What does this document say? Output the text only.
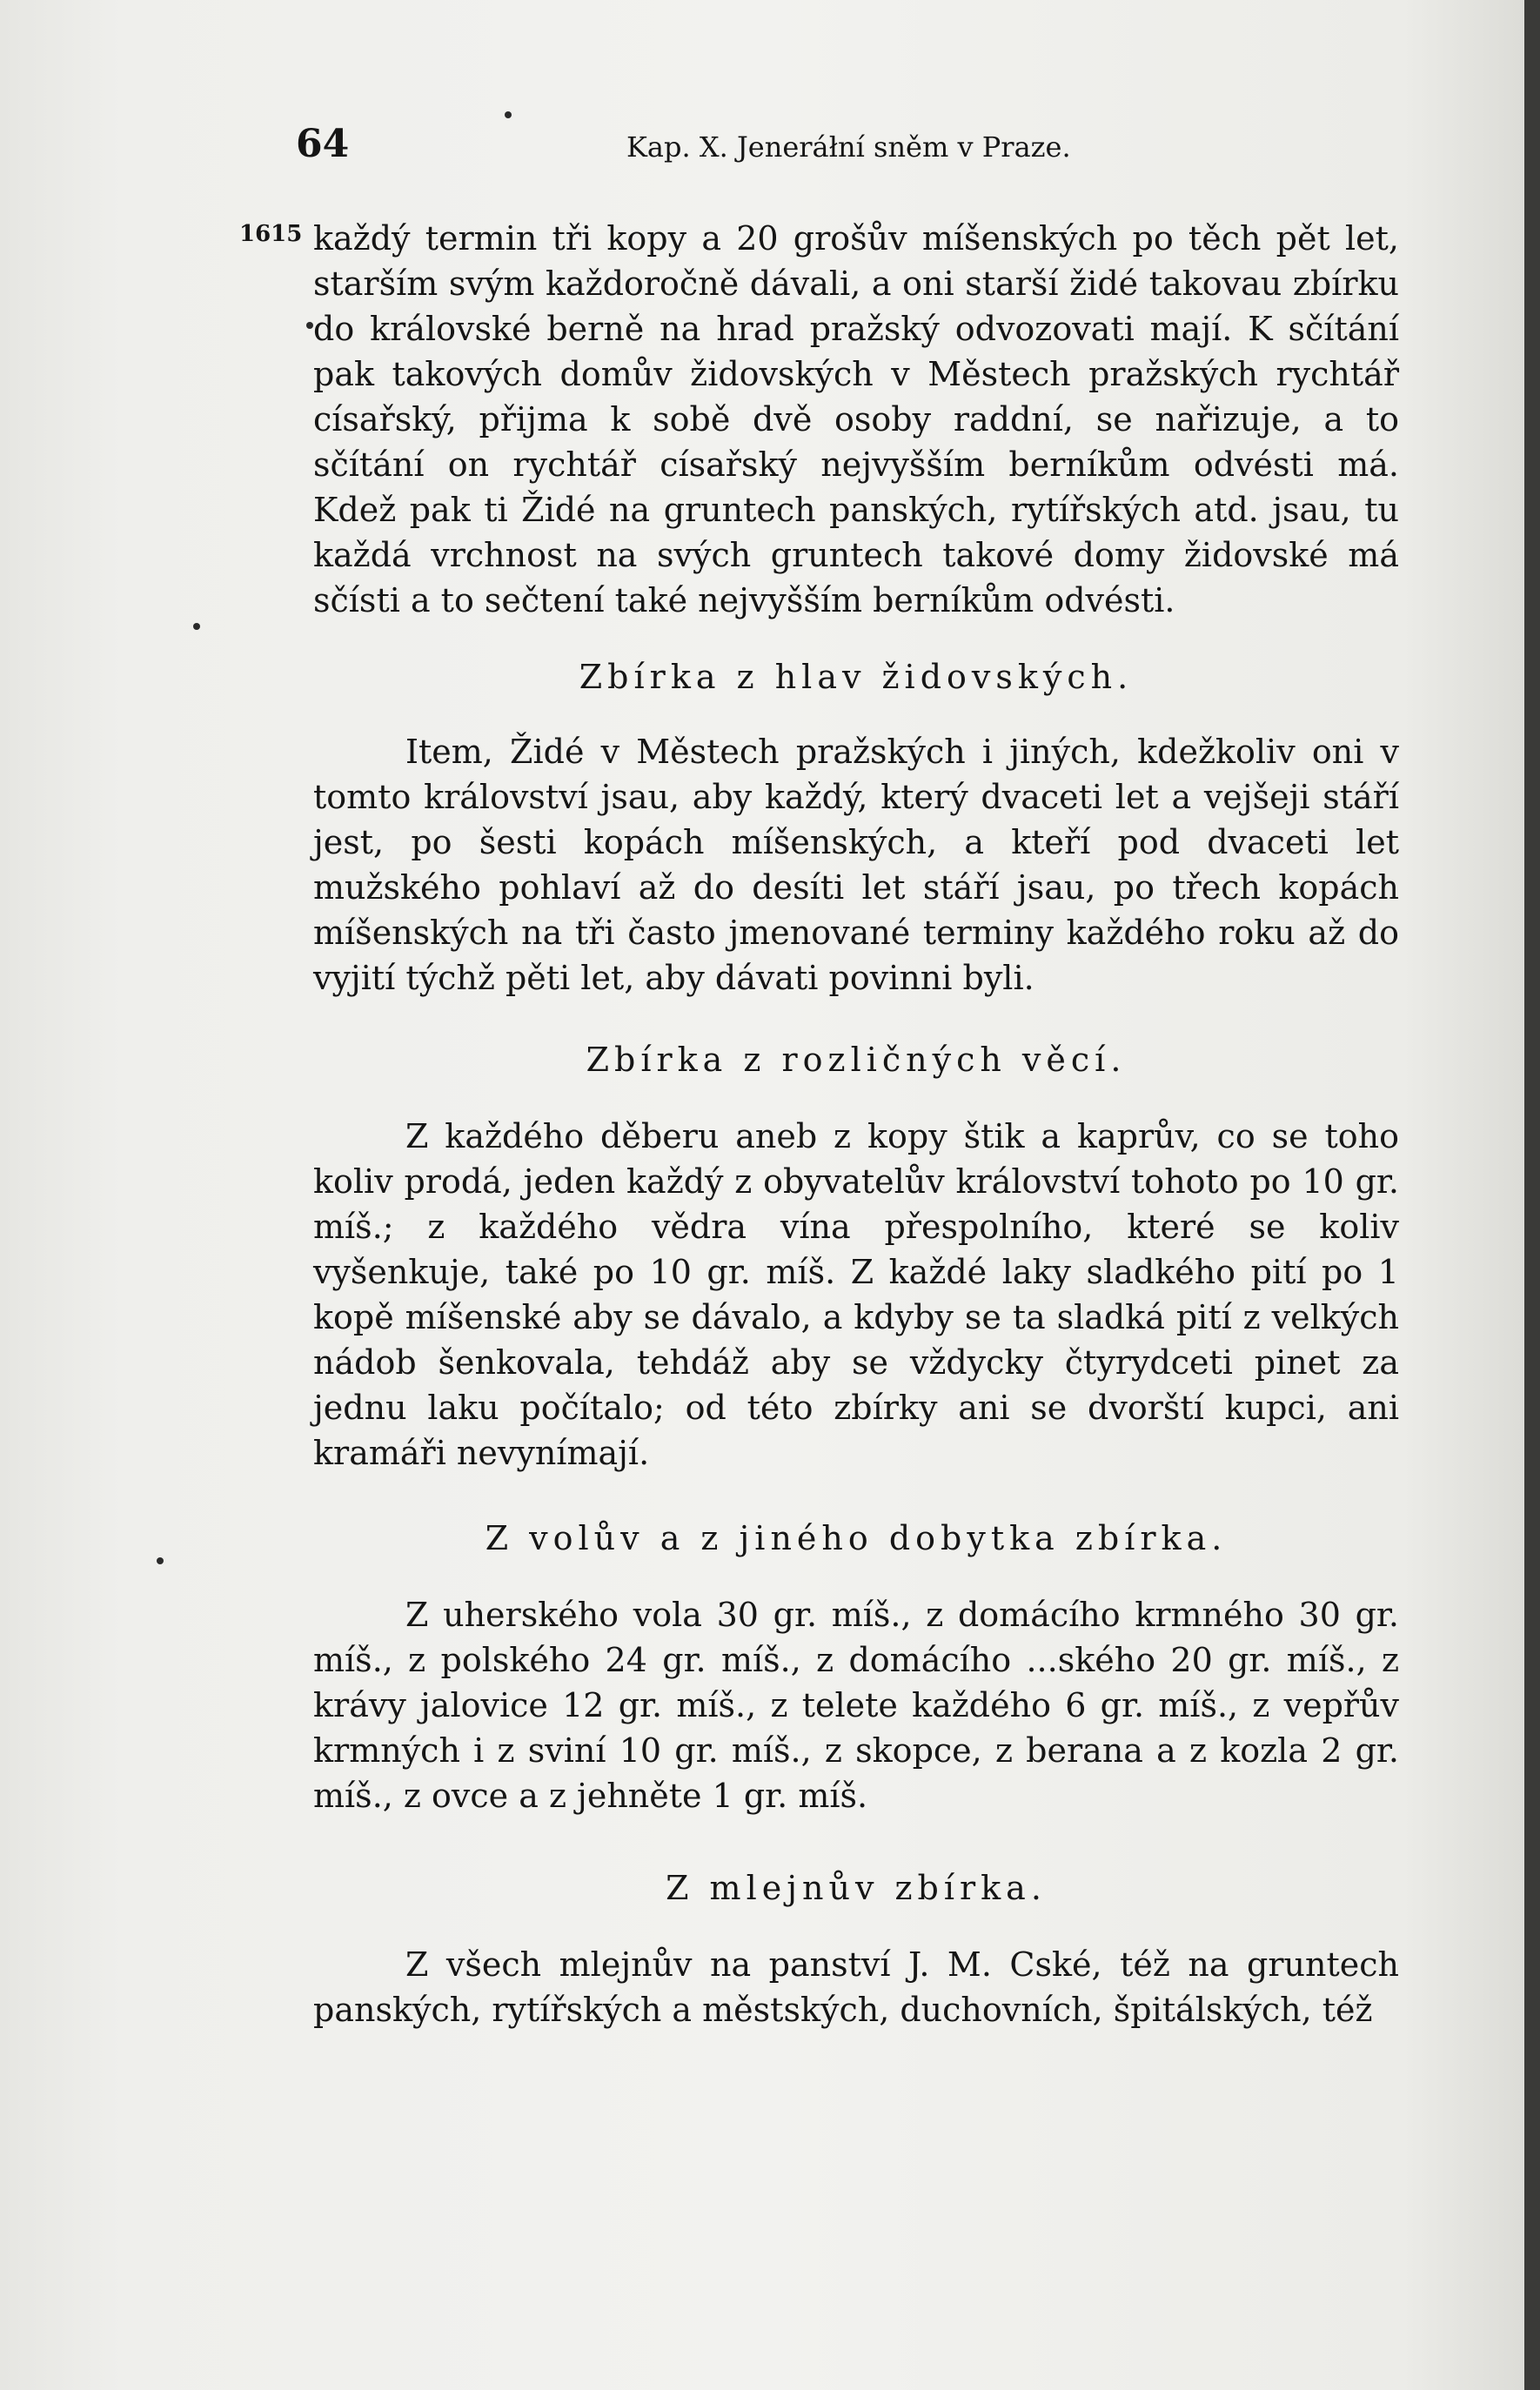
64	Kap. X. Jeneráłní sněm v Praze.
1615 každý termin tři kopy a 20 grošův míšenských po těch pět let, starším svým každoročně dávali, a oni starší židé takovau zbírku do královské berně na hrad pražský odvozovati mají. K sčítání pak takových domův židovských v Městech pražských rychtář císařský, přijma k sobě dvě osoby raddní, se nařizuje, a to sčítání on rychtář císařský nejvyšším berníkům odvésti má. Kdež pak ti Židé na gruntech panských, rytířských atd. jsau, tu každá vrchnost na svých gruntech takové domy židovské má sčísti a to sečtení také nejvyšším berníkům odvésti.

Zbírka z hlav židovských.

Item, Židé v Městech pražských i jiných, kdežkoliv oni v tomto království jsau, aby každý, který dvaceti let a vejšeji stáří jest, po šesti kopách míšenských, a kteří pod dvaceti let mužského pohlaví až do desíti let stáří jsau, po třech kopách míšenských na tři často jmenované terminy každého roku až do vyjití týchž pěti let, aby dávati povinni byli.

Zbírka z rozličných věcí.

Z každého děberu aneb z kopy štik a kaprův, co se toho koliv prodá, jeden každý z obyvatelův království tohoto po 10 gr. míš.; z každého vědra vína přespolního, které se koliv vyšenkuje, také po 10 gr. míš. Z každé laky sladkého pití po 1 kopě míšenské aby se dávalo, a kdyby se ta sladká pití z velkých nádob šenkovala, tehdáž aby se vždycky čtyrydceti pinet za jednu laku počítalo; od této zbírky ani se dvorští kupci, ani kramáři nevynímají.

Z volův a z jiného dobytka zbírka.

Z uherského vola 30 gr. míš., z domácího krmného 30 gr. míš., z polského 24 gr. míš., z domácího ...ského 20 gr. míš., z krávy jalovice 12 gr. míš., z telete každého 6 gr. míš., z vepřův krmných i z sviní 10 gr. míš., z skopce, z berana a z kozla 2 gr. míš., z ovce a z jehněte 1 gr. míš.

Z mlejnův zbírka.

Z všech mlejnův na panství J. M. Cské, též na gruntech panských, rytířských a městských, duchovních, špitálských, též
